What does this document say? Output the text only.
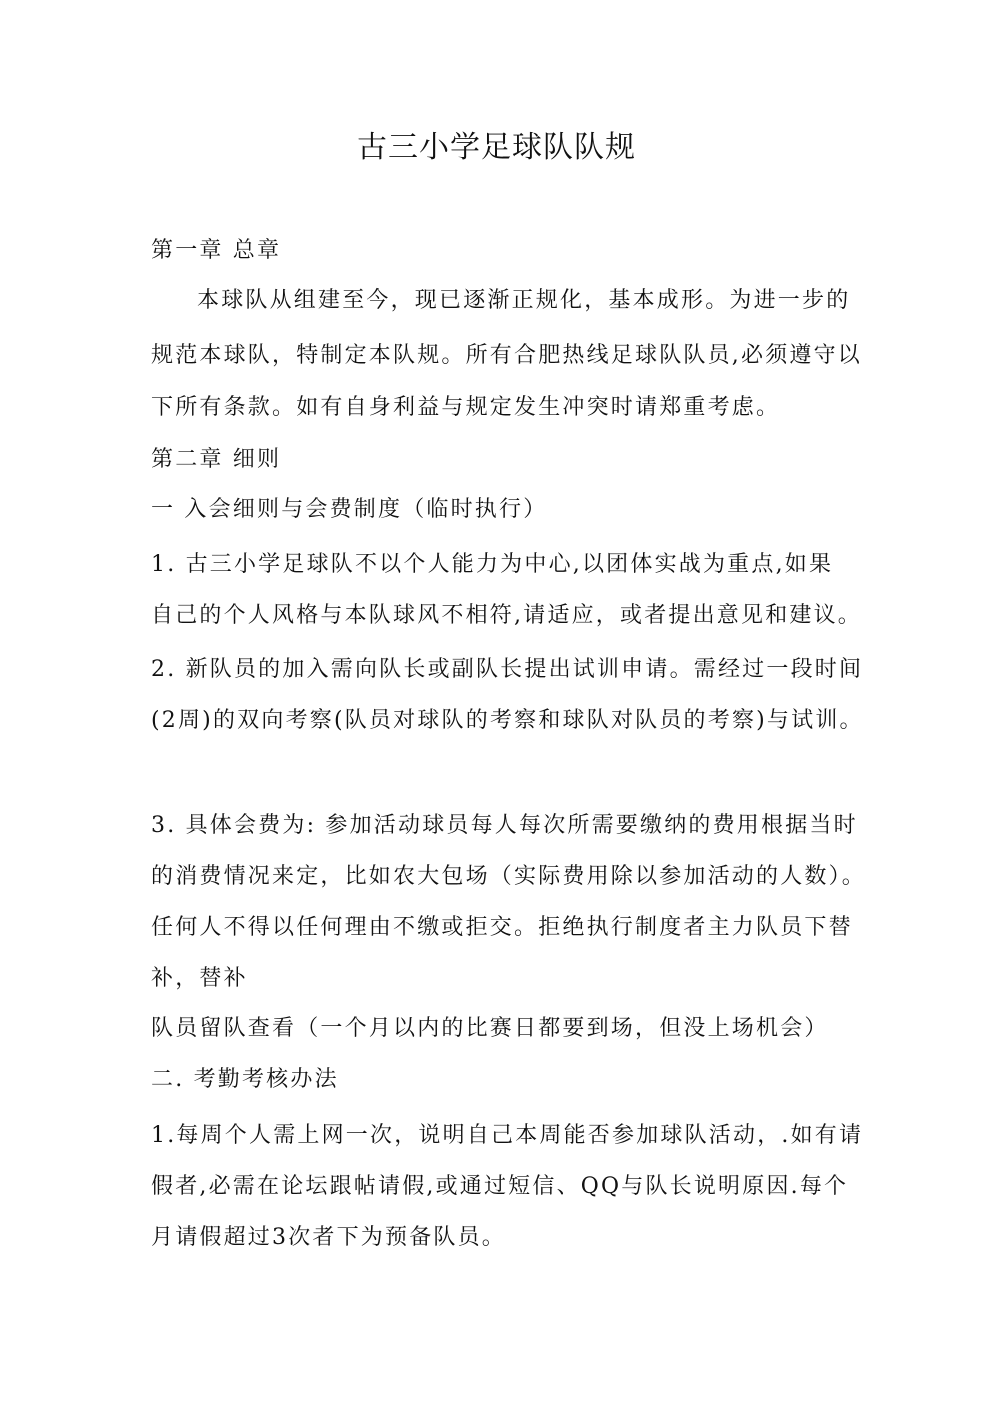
古三小学足球队队规

第一章 总章

本球队从组建至今，现已逐渐正规化，基本成形。为进一步的

规范本球队，特制定本队规。所有合肥热线足球队队员,必须遵守以

下所有条款。如有自身利益与规定发生冲突时请郑重考虑。

第二章 细则

一 入会细则与会费制度（临时执行）

1. 古三小学足球队不以个人能力为中心,以团体实战为重点,如果

自己的个人风格与本队球风不相符,请适应，或者提出意见和建议。

2. 新队员的加入需向队长或副队长提出试训申请。需经过一段时间

(2周)的双向考察(队员对球队的考察和球队对队员的考察)与试训。

3. 具体会费为: 参加活动球员每人每次所需要缴纳的费用根据当时

的消费情况来定，比如农大包场（实际费用除以参加活动的人数）。

任何人不得以任何理由不缴或拒交。拒绝执行制度者主力队员下替

补，替补

队员留队查看（一个月以内的比赛日都要到场，但没上场机会）

二. 考勤考核办法

1.每周个人需上网一次，说明自己本周能否参加球队活动，.如有请

假者,必需在论坛跟帖请假,或通过短信、QQ与队长说明原因.每个

月请假超过3次者下为预备队员。
